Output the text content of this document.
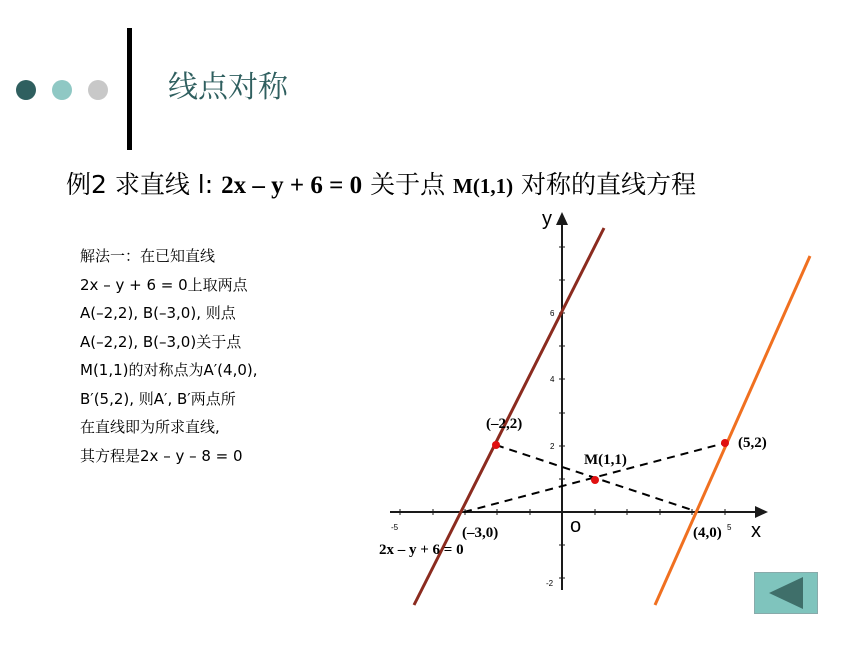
线点对称
例2 求直线 l: 2x – y + 6 = 0 关于点 M(1,1) 对称的直线方程
解法一：在已知直线
2x – y + 6 = 0上取两点
A(–2,2), B(–3,0), 则点
A(–2,2), B(–3,0)关于点
M(1,1)的对称点为A′(4,0),
B′(5,2), 则A′, B′两点所
在直线即为所求直线,
其方程是2x – y – 8 = 0
-5	5
6
4
2
-2
x
y
o
(–2,2)
(–3,0)
M(1,1)
(4,0)
(5,2)
2x – y + 6 = 0
